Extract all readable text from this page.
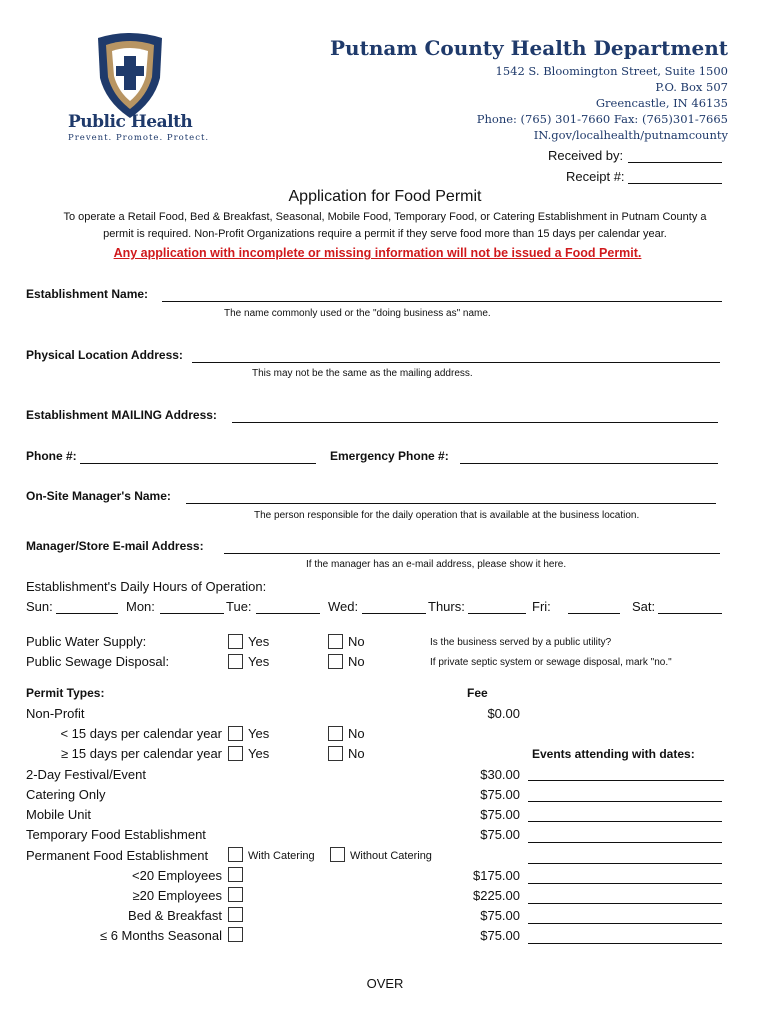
Public Health
Prevent. Promote. Protect.
Putnam County Health Department
1542 S. Bloomington Street, Suite 1500
P.O. Box 507
Greencastle, IN 46135
Phone: (765) 301-7660 Fax: (765)301-7665
IN.gov/localhealth/putnamcounty
Received by:
Receipt #:
Application for Food Permit
To operate a Retail Food, Bed & Breakfast, Seasonal, Mobile Food, Temporary Food, or Catering Establishment in Putnam County a
permit is required. Non-Profit Organizations require a permit if they serve food more than 15 days per calendar year.
Any application with incomplete or missing information will not be issued a Food Permit.
Establishment Name:
The name commonly used or the "doing business as" name.
Physical Location Address:
This may not be the same as the mailing address.
Establishment MAILING Address:
Phone #:	Emergency Phone #:
On-Site Manager's Name:
The person responsible for the daily operation that is available at the business location.
Manager/Store E-mail Address:
If the manager has an e-mail address, please show it here.
Establishment's Daily Hours of Operation:
Sun:	Mon:	Tue:	Wed:	Thurs:	Fri:	Sat:
Public Water Supply:	Yes	No	Is the business served by a public utility?
Public Sewage Disposal:	Yes	No	If private septic system or sewage disposal, mark "no."
Permit Types:	Fee
Non-Profit	$0.00
< 15 days per calendar year Yes	No
≥ 15 days per calendar year Yes	No	Events attending with dates:
2-Day Festival/Event	$30.00
Catering Only	$75.00
Mobile Unit	$75.00
Temporary Food Establishment	$75.00
Permanent Food Establishment	With Catering	Without Catering
<20 Employees	$175.00
≥20 Employees	$225.00
Bed & Breakfast	$75.00
≤ 6 Months Seasonal	$75.00
OVER
